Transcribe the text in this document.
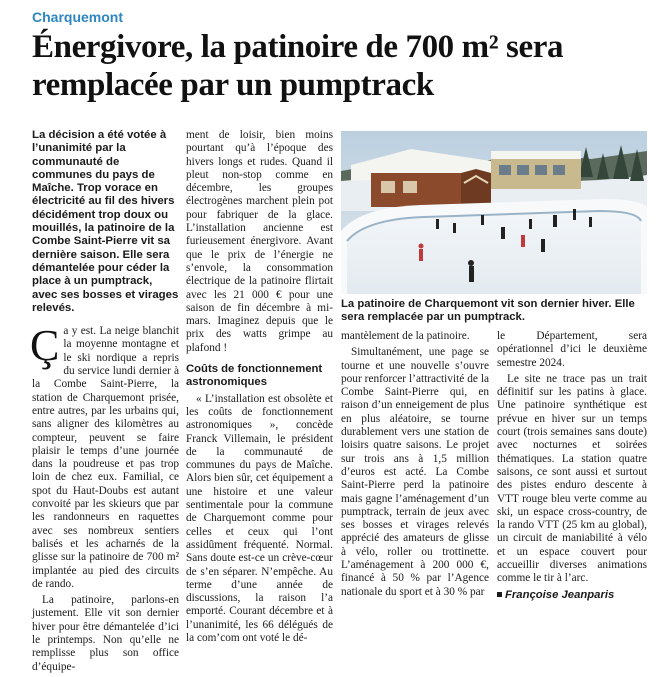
Charquemont
Énergivore, la patinoire de 700 m² sera remplacée par un pumptrack

La décision a été votée à l’unanimité par la communauté de communes du pays de Maîche. Trop vorace en électricité au fil des hivers décidément trop doux ou mouillés, la patinoire de la Combe Saint-Pierre vit sa dernière saison. Elle sera démantelée pour céder la place à un pumptrack, avec ses bosses et virages relevés.

Ça y est. La neige blanchit la moyenne montagne et le ski nordique a repris du service lundi dernier à la Combe Saint-Pierre, la station de Charquemont prisée, entre autres, par les urbains qui, sans aligner des kilomètres au compteur, peuvent se faire plaisir le temps d’une journée dans la poudreuse et pas trop loin de chez eux. Familial, ce spot du Haut-Doubs est autant convoité par les skieurs que par les randonneurs en raquettes avec ses nombreux sentiers balisés et les acharnés de la glisse sur la patinoire de 700 m² implantée au pied des circuits de rando.

La patinoire, parlons-en justement. Elle vit son dernier hiver pour être démantelée d’ici le printemps. Non qu’elle ne remplisse plus son office d’équipe-

ment de loisir, bien moins pourtant qu’à l’époque des hivers longs et rudes. Quand il pleut non-stop comme en décembre, les groupes électrogènes marchent plein pot pour fabriquer de la glace. L’installation ancienne est furieusement énergivore. Avant que le prix de l’énergie ne s’envole, la consommation électrique de la patinoire flirtait avec les 21 000 € pour une saison de fin décembre à mi-mars. Imaginez depuis que le prix des watts grimpe au plafond !

Coûts de fonctionnement astronomiques

« L’installation est obsolète et les coûts de fonctionnement astronomiques », concède Franck Villemain, le président de la communauté de communes du pays de Maîche. Alors bien sûr, cet équipement a une histoire et une valeur sentimentale pour la commune de Charquemont comme pour celles et ceux qui l’ont assidûment fréquenté. Normal. Sans doute est-ce un crève-cœur de s’en séparer. N’empêche. Au terme d’une année de discussions, la raison l’a emporté. Courant décembre et à l’unanimité, les 66 délégués de la com’com ont voté le dé-

La patinoire de Charquemont vit son dernier hiver. Elle sera remplacée par un pumptrack.

mantèlement de la patinoire.

Simultanément, une page se tourne et une nouvelle s’ouvre pour renforcer l’attractivité de la Combe Saint-Pierre qui, en raison d’un enneigement de plus en plus aléatoire, se tourne durablement vers une station de loisirs quatre saisons. Le projet sur trois ans à 1,5 million d’euros est acté. La Combe Saint-Pierre perd la patinoire mais gagne l’aménagement d’un pumptrack, terrain de jeux avec ses bosses et virages relevés apprécié des amateurs de glisse à vélo, roller ou trottinette. L’aménagement à 200 000 €, financé à 50 % par l’Agence nationale du sport et à 30 % par

le Département, sera opérationnel d’ici le deuxième semestre 2024.

Le site ne trace pas un trait définitif sur les patins à glace. Une patinoire synthétique est prévue en hiver sur un temps court (trois semaines sans doute) avec nocturnes et soirées thématiques. La station quatre saisons, ce sont aussi et surtout des pistes enduro descente à VTT rouge bleu verte comme au ski, un espace cross-country, de la rando VTT (25 km au global), un circuit de maniabilité à vélo et un espace couvert pour accueillir diverses animations comme le tir à l’arc.

Françoise Jeanparis
